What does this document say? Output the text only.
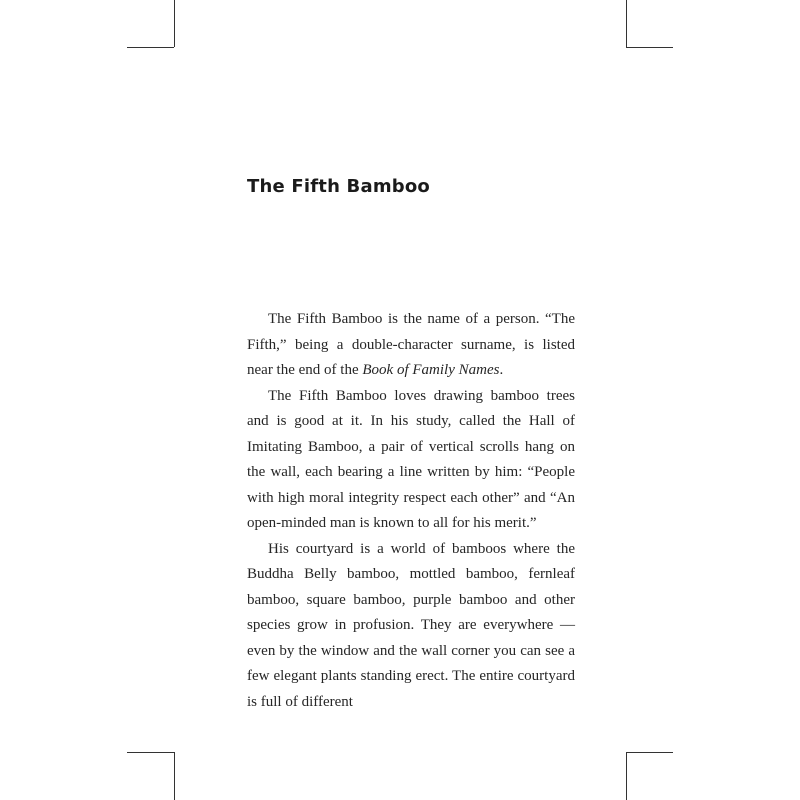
The Fifth Bamboo

The Fifth Bamboo is the name of a person. “The Fifth,” being a double-character surname, is listed near the end of the Book of Family Names.

The Fifth Bamboo loves drawing bamboo trees and is good at it. In his study, called the Hall of Imitating Bamboo, a pair of vertical scrolls hang on the wall, each bearing a line written by him: “People with high moral integrity respect each other” and “An open-minded man is known to all for his merit.”

His courtyard is a world of bamboos where the Buddha Belly bamboo, mottled bamboo, fernleaf bamboo, square bamboo, purple bamboo and other species grow in profusion. They are everywhere — even by the window and the wall corner you can see a few elegant plants standing erect. The entire courtyard is full of different
